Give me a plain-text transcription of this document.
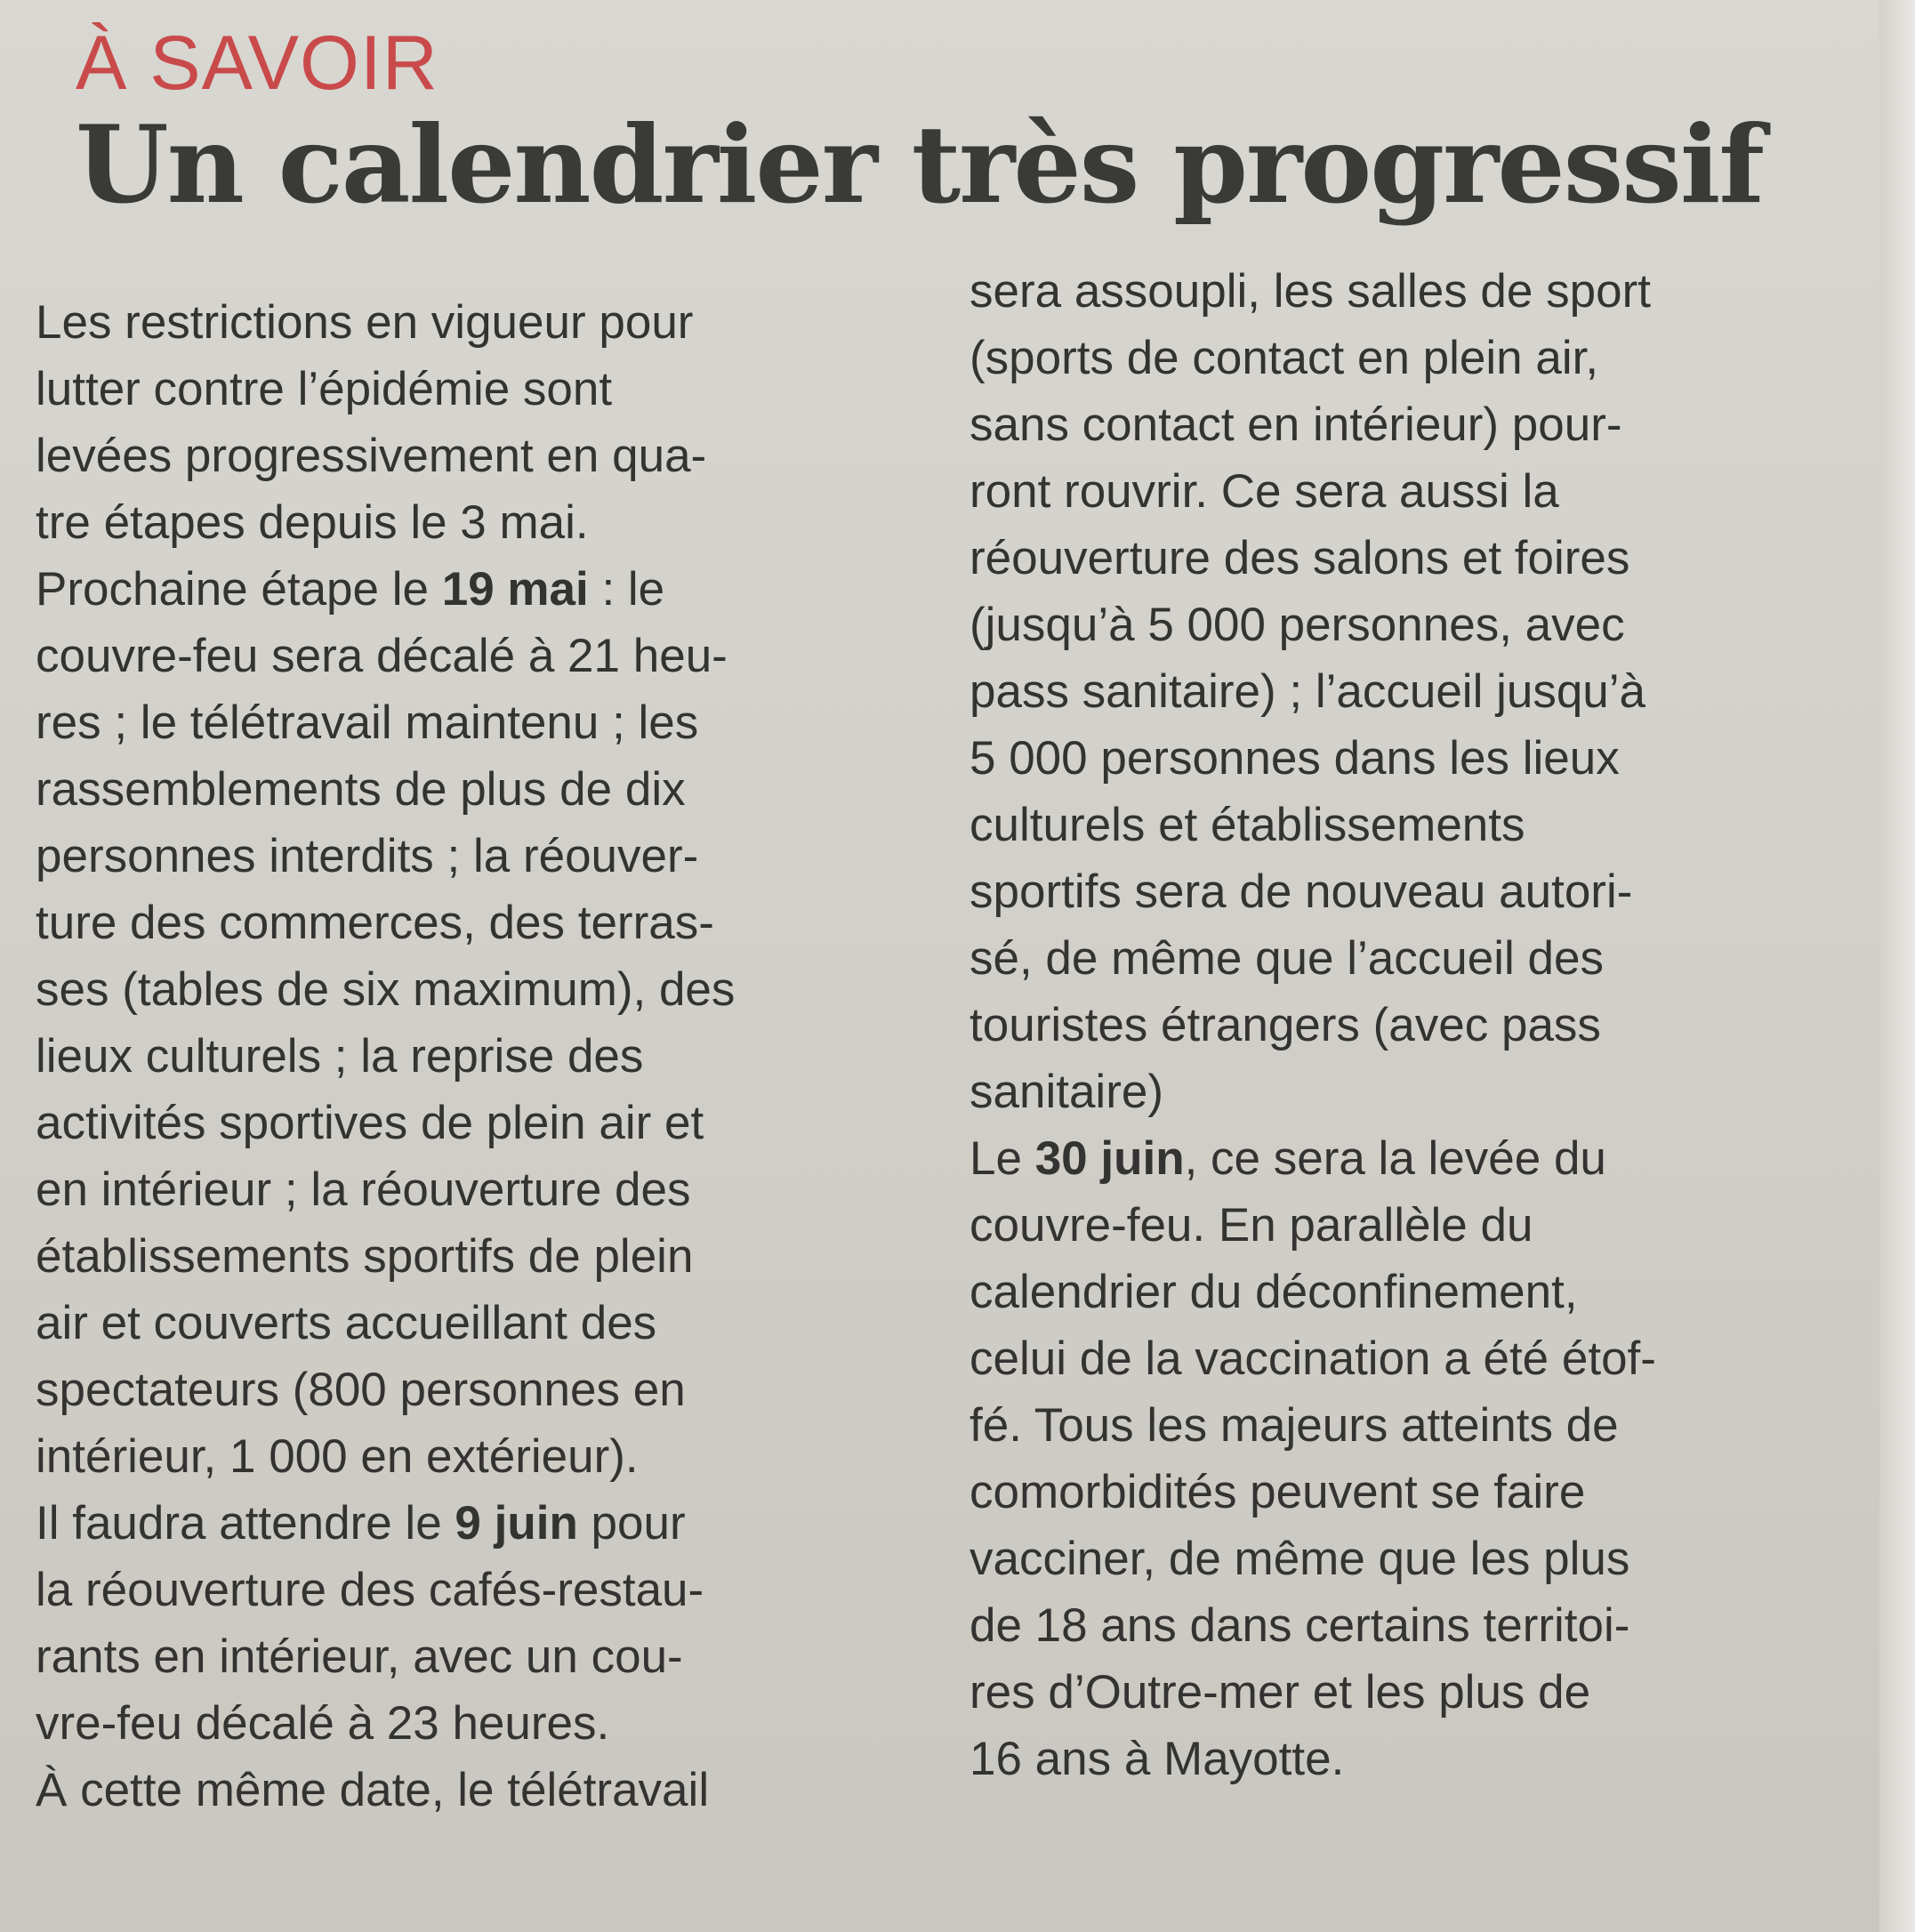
À SAVOIR
Un calendrier très progressif
Les restrictions en vigueur pour
lutter contre l’épidémie sont
levées progressivement en qua-
tre étapes depuis le 3 mai.
Prochaine étape le 19 mai : le
couvre-feu sera décalé à 21 heu-
res ; le télétravail maintenu ; les
rassemblements de plus de dix
personnes interdits ; la réouver-
ture des commerces, des terras-
ses (tables de six maximum), des
lieux culturels ; la reprise des
activités sportives de plein air et
en intérieur ; la réouverture des
établissements sportifs de plein
air et couverts accueillant des
spectateurs (800 personnes en
intérieur, 1 000 en extérieur).
Il faudra attendre le 9 juin pour
la réouverture des cafés-restau-
rants en intérieur, avec un cou-
vre-feu décalé à 23 heures.
À cette même date, le télétravail
sera assoupli, les salles de sport
(sports de contact en plein air,
sans contact en intérieur) pour-
ront rouvrir. Ce sera aussi la
réouverture des salons et foires
(jusqu’à 5 000 personnes, avec
pass sanitaire) ; l’accueil jusqu’à
5 000 personnes dans les lieux
culturels et établissements
sportifs sera de nouveau autori-
sé, de même que l’accueil des
touristes étrangers (avec pass
sanitaire)
Le 30 juin, ce sera la levée du
couvre-feu. En parallèle du
calendrier du déconfinement,
celui de la vaccination a été étof-
fé. Tous les majeurs atteints de
comorbidités peuvent se faire
vacciner, de même que les plus
de 18 ans dans certains territoi-
res d’Outre-mer et les plus de
16 ans à Mayotte.
